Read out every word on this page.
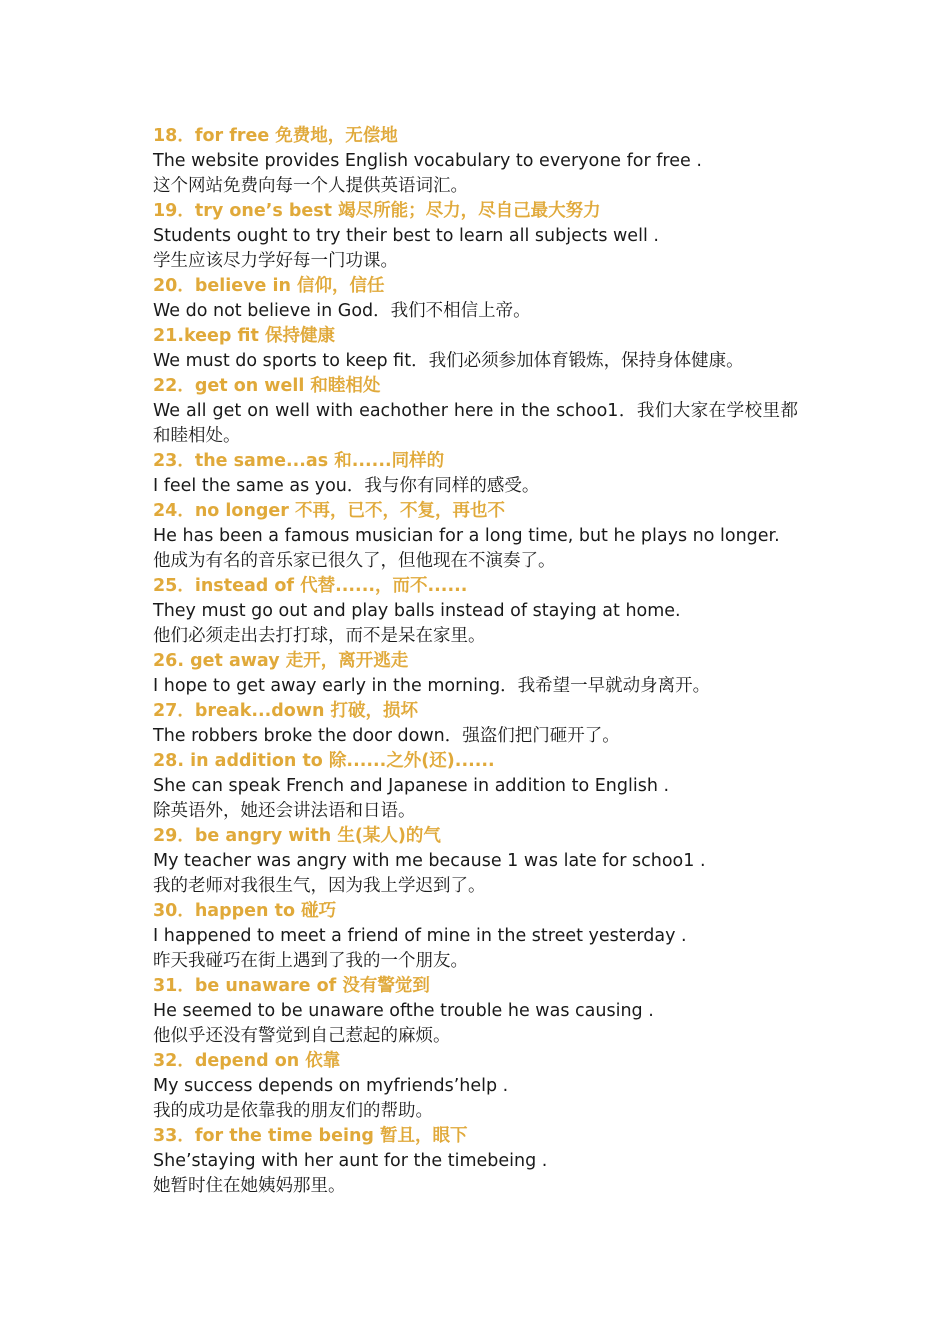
18．for free 免费地，无偿地
The website provides English vocabulary to everyone for free .
这个网站免费向每一个人提供英语词汇。
19．try one’s best 竭尽所能；尽力，尽自己最大努力
Students ought to try their best to learn all subjects well .
学生应该尽力学好每一门功课。
20．believe in 信仰，信任
We do not believe in God．我们不相信上帝。
21.keep fit 保持健康
We must do sports to keep fit．我们必须参加体育锻炼，保持身体健康。
22．get on well 和睦相处
We all get on well with eachother here in the schoo1．我们大家在学校里都和睦相处。
23．the same...as 和......同样的
I feel the same as you．我与你有同样的感受。
24．no longer 不再，已不，不复，再也不
He has been a famous musician for a long time, but he plays no longer.
他成为有名的音乐家已很久了，但他现在不演奏了。
25．instead of 代替......，而不......
They must go out and play balls instead of staying at home.
他们必须走出去打打球，而不是呆在家里。
26. get away 走开，离开逃走
I hope to get away early in the morning．我希望一早就动身离开。
27．break...down 打破，损坏
The robbers broke the door down．强盗们把门砸开了。
28. in addition to 除......之外(还)......
She can speak French and Japanese in addition to English .
除英语外，她还会讲法语和日语。
29．be angry with 生(某人)的气
My teacher was angry with me because 1 was late for schoo1 .
我的老师对我很生气，因为我上学迟到了。
30．happen to 碰巧
I happened to meet a friend of mine in the street yesterday .
昨天我碰巧在街上遇到了我的一个朋友。
31．be unaware of 没有警觉到
He seemed to be unaware ofthe trouble he was causing .
他似乎还没有警觉到自己惹起的麻烦。
32．depend on 依靠
My success depends on myfriends’help .
我的成功是依靠我的朋友们的帮助。
33．for the time being 暂且，眼下
She’staying with her aunt for the timebeing .
她暂时住在她姨妈那里。
